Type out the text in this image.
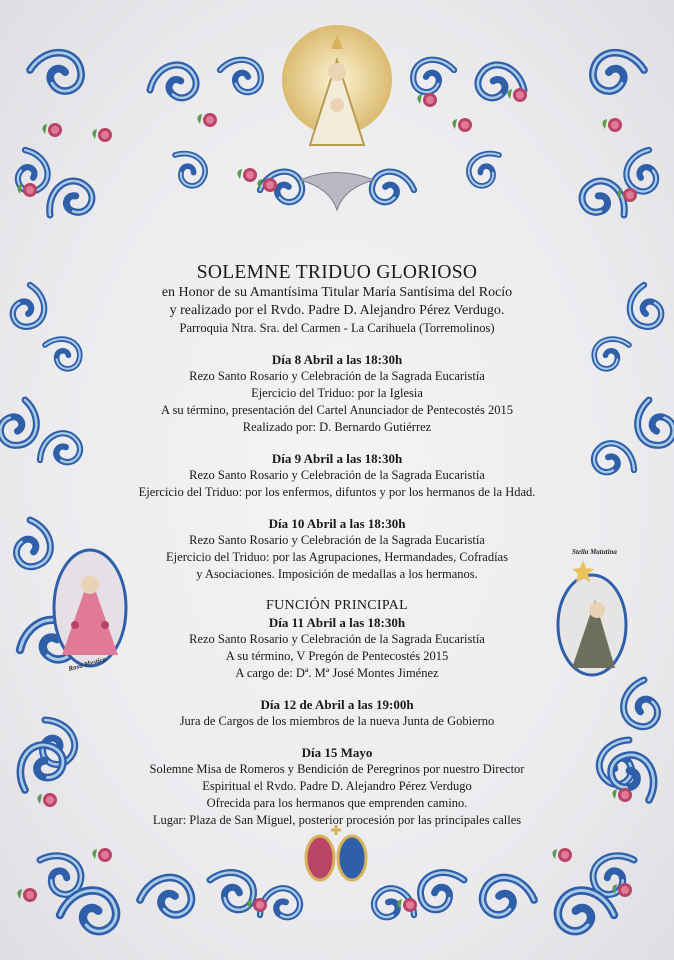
Rosa Mystica
Stella Matutina

SOLEMNE TRIDUO GLORIOSO

en Honor de su Amantísima Titular María Santísima del Rocío

y realizado por el Rvdo. Padre D. Alejandro Pérez Verdugo.

Parroquia Ntra. Sra. del Carmen - La Carihuela (Torremolinos)

Día 8 Abril a las 18:30h
Rezo Santo Rosario y Celebración de la Sagrada Eucaristía
Ejercicio del Triduo: por la Iglesia
A su término, presentación del Cartel Anunciador de Pentecostés 2015
Realizado por: D. Bernardo Gutiérrez
Día 9 Abril a las 18:30h
Rezo Santo Rosario y Celebración de la Sagrada Eucaristía
Ejercicio del Triduo: por los enfermos, difuntos y por los hermanos de la Hdad.
Día 10 Abril a las 18:30h
Rezo Santo Rosario y Celebración de la Sagrada Eucaristía
Ejercicio del Triduo: por las Agrupaciones, Hermandades, Cofradías
y Asociaciones. Imposición de medallas a los hermanos.
FUNCIÓN PRINCIPAL
Día 11 Abril a las 18:30h
Rezo Santo Rosario y Celebración de la Sagrada Eucaristía
A su término, V Pregón de Pentecostés 2015
A cargo de: Dª. Mª José Montes Jiménez
Día 12 de Abril a las 19:00h
Jura de Cargos de los miembros de la nueva Junta de Gobierno
Día 15 Mayo
Solemne Misa de Romeros y Bendición de Peregrinos por nuestro Director
Espiritual el Rvdo. Padre D. Alejandro Pérez Verdugo
Ofrecida para los hermanos que emprenden camino.
Lugar: Plaza de San Miguel, posterior procesión por las principales calles
